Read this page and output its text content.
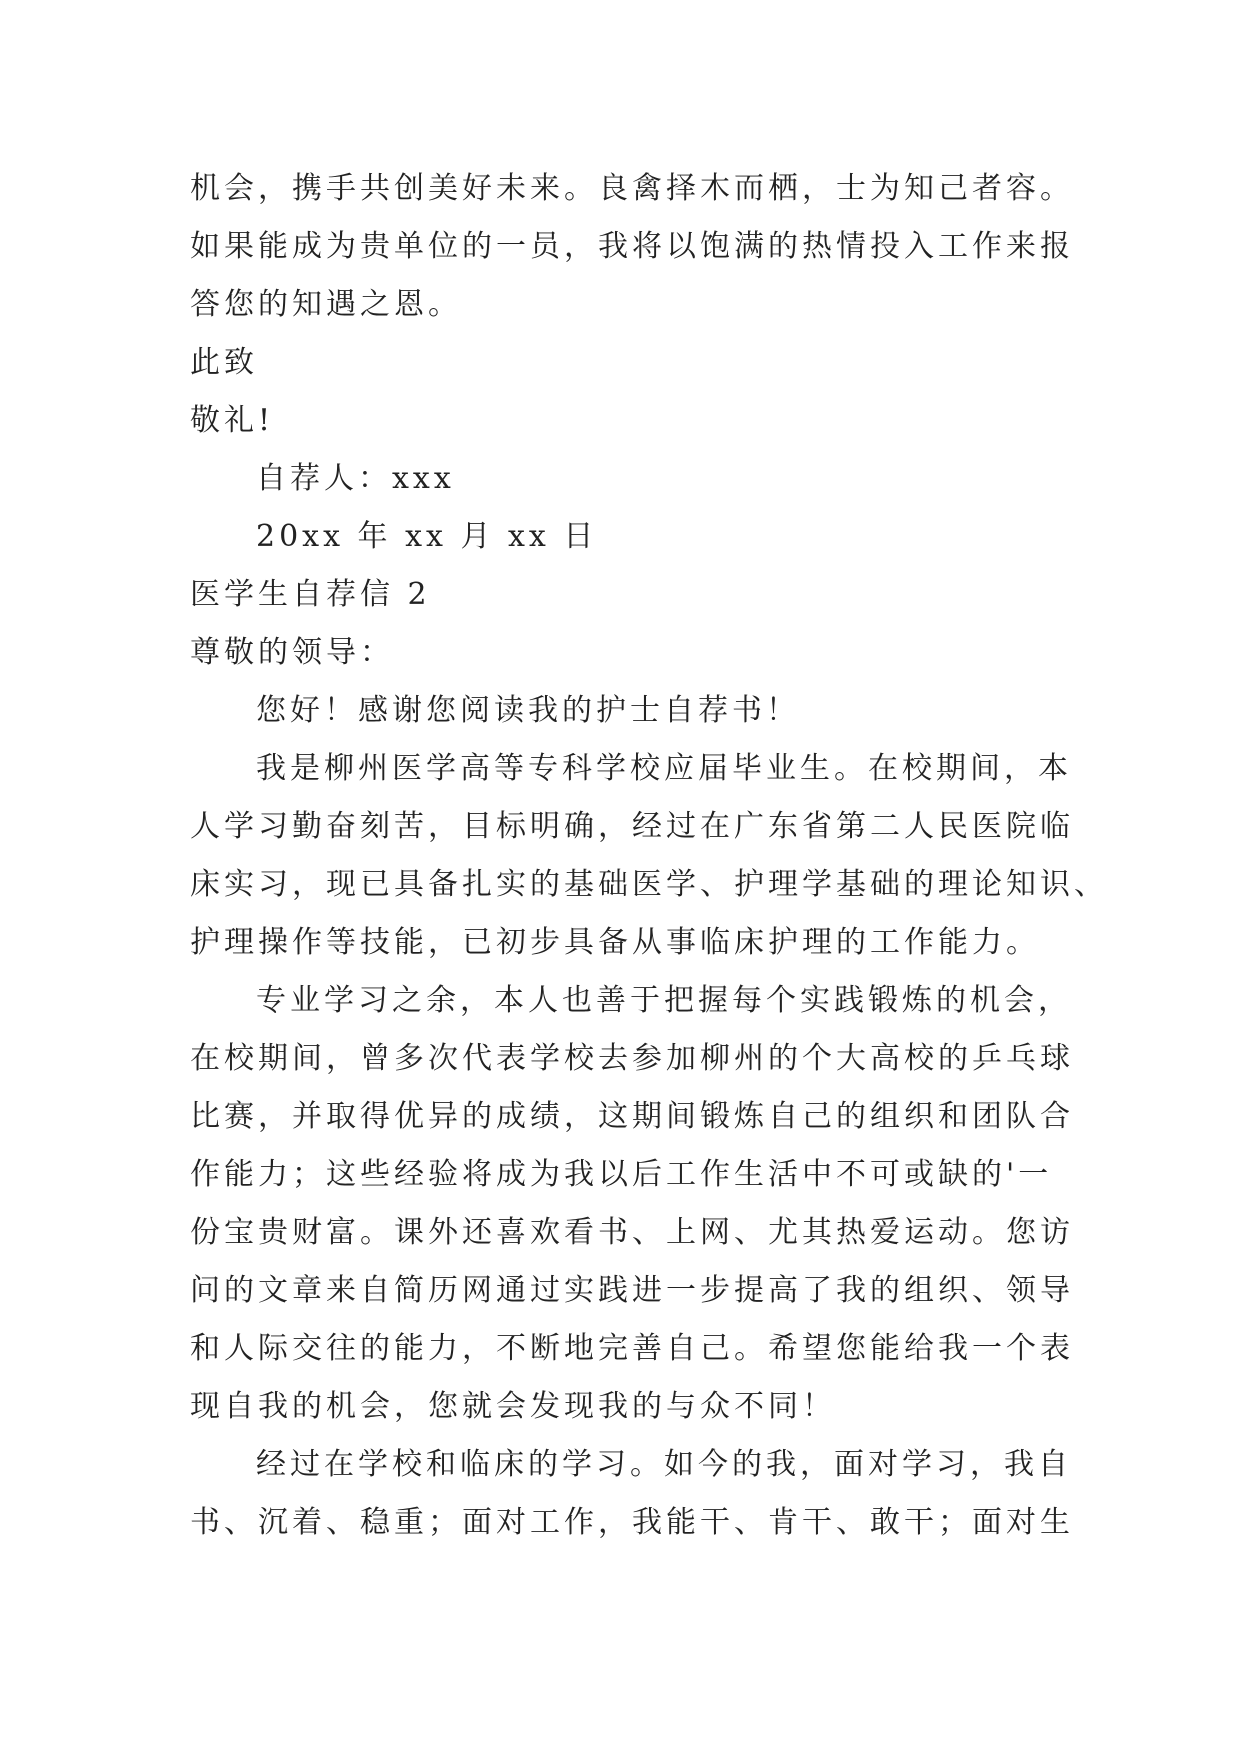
机会，携手共创美好未来。良禽择木而栖，士为知己者容。
如果能成为贵单位的一员，我将以饱满的热情投入工作来报
答您的知遇之恩。
此致
敬礼!
自荐人：xxx
20xx 年 xx 月 xx 日
医学生自荐信 2
尊敬的领导：
您好！感谢您阅读我的护士自荐书！
我是柳州医学高等专科学校应届毕业生。在校期间，本
人学习勤奋刻苦，目标明确，经过在广东省第二人民医院临
床实习，现已具备扎实的基础医学、护理学基础的理论知识、
护理操作等技能，已初步具备从事临床护理的工作能力。
专业学习之余，本人也善于把握每个实践锻炼的机会，
在校期间，曾多次代表学校去参加柳州的个大高校的乒乓球
比赛，并取得优异的成绩，这期间锻炼自己的组织和团队合
作能力；这些经验将成为我以后工作生活中不可或缺的'一
份宝贵财富。课外还喜欢看书、上网、尤其热爱运动。您访
问的文章来自简历网通过实践进一步提高了我的组织、领导
和人际交往的能力，不断地完善自己。希望您能给我一个表
现自我的机会，您就会发现我的与众不同！
经过在学校和临床的学习。如今的我，面对学习，我自
书、沉着、稳重；面对工作，我能干、肯干、敢干；面对生
